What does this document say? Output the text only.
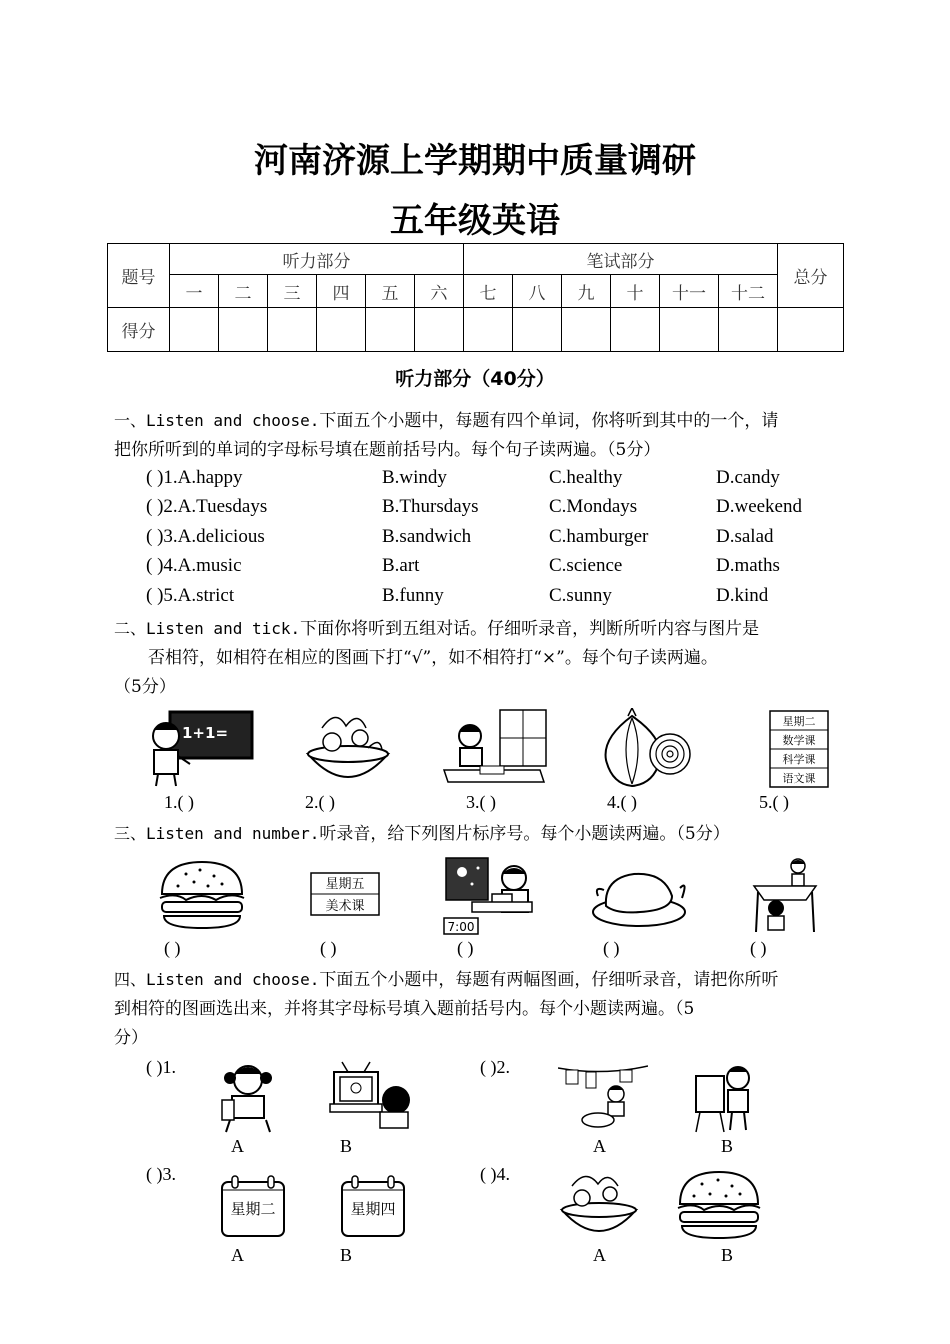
河南济源上学期期中质量调研
五年级英语
题号	听力部分						笔试部分						总分
	一	二	三	四	五	六	七	八	九	十	十一	十二	
得分													
听力部分（40分）
一、Listen and choose.下面五个小题中，每题有四个单词，你将听到其中的一个，请
把你所听到的单词的字母标号填在题前括号内。每个句子读两遍。（5分）
( )1.A.happy	B.windy	C.healthy	D.candy
( )2.A.Tuesdays	B.Thursdays	C.Mondays	D.weekend
( )3.A.delicious	B.sandwich	C.hamburger	D.salad
( )4.A.music	B.art	C.science	D.maths
( )5.A.strict	B.funny	C.sunny	D.kind
二、Listen and tick.下面你将听到五组对话。仔细听录音，判断所听内容与图片是
否相符，如相符在相应的图画下打“√”，如不相符打“×”。每个句子读两遍。
（5分）
1+1=
星期二
数学课
科学课
语文课
1.( )	2.( )	3.( )	4.( )	5.( )
三、Listen and number.听录音，给下列图片标序号。每个小题读两遍。（5分）
星期五
美术课
7:00
( )	( )	( )	( )	( )
四、Listen and choose.下面五个小题中，每题有两幅图画，仔细听录音，请把你所听
到相符的图画选出来，并将其字母标号填入题前括号内。每个小题读两遍。（5
分）
( )1.	( )2.
A	B	A	B
( )3.	( )4.
星期二	星期四
A	B	A	B
